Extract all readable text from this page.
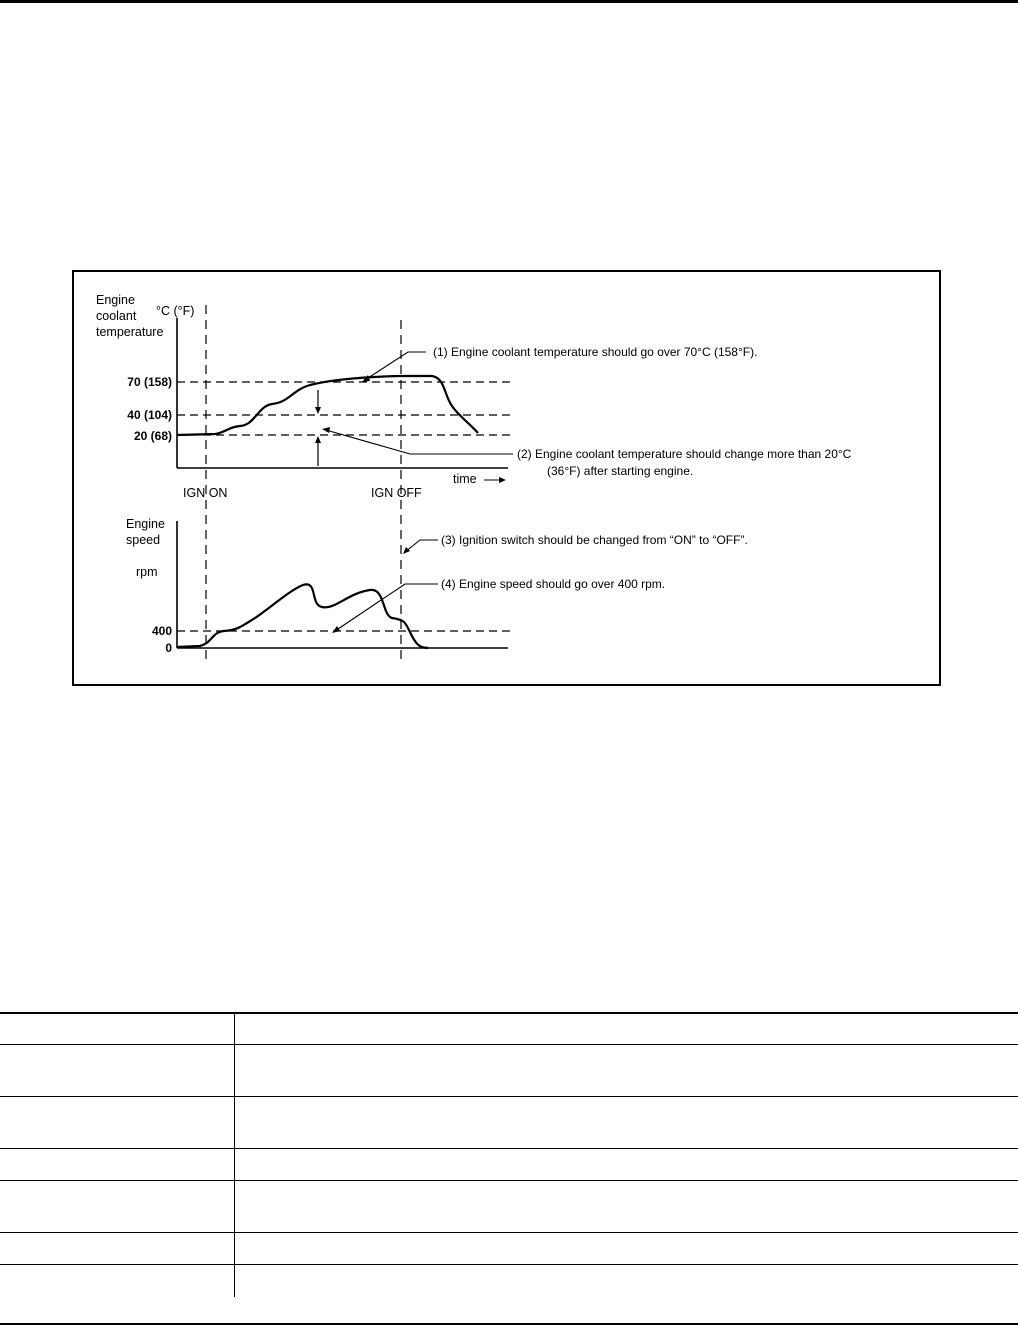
Engine
coolant
temperature
°C (°F)
70 (158)
40 (104)
20 (68)
time
IGN ON	IGN OFF
Engine
speed
rpm
400
0
(1) Engine coolant temperature should go over 70°C (158°F).
(2) Engine coolant temperature should change more than 20°C
(36°F) after starting engine.
(3) Ignition switch should be changed from “ON” to “OFF”.
(4) Engine speed should go over 400 rpm.
